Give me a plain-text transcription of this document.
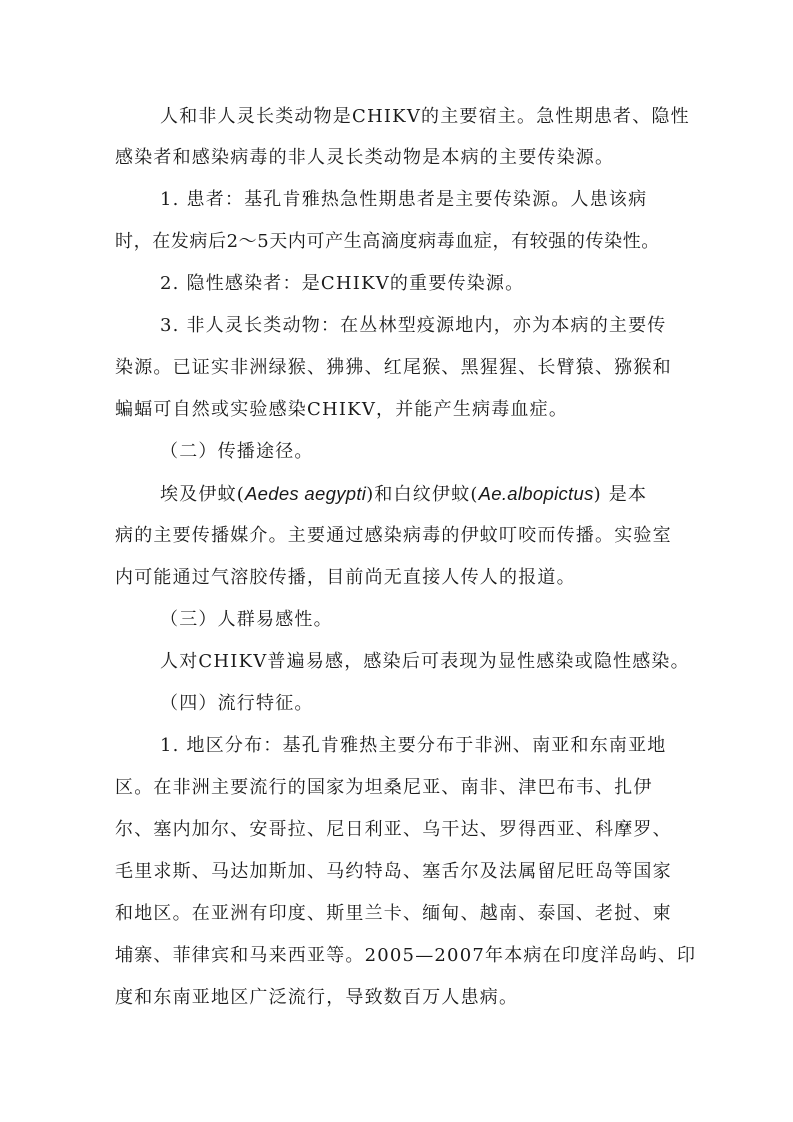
人和非人灵长类动物是CHIKV的主要宿主。急性期患者、隐性
感染者和感染病毒的非人灵长类动物是本病的主要传染源。
1. 患者：基孔肯雅热急性期患者是主要传染源。人患该病
时，在发病后2～5天内可产生高滴度病毒血症，有较强的传染性。
2. 隐性感染者：是CHIKV的重要传染源。
3. 非人灵长类动物：在丛林型疫源地内，亦为本病的主要传
染源。已证实非洲绿猴、狒狒、红尾猴、黑猩猩、长臂猿、猕猴和
蝙蝠可自然或实验感染CHIKV，并能产生病毒血症。
（二）传播途径。
埃及伊蚊(Aedes aegypti)和白纹伊蚊(Ae.albopictus) 是本
病的主要传播媒介。主要通过感染病毒的伊蚊叮咬而传播。实验室
内可能通过气溶胶传播，目前尚无直接人传人的报道。
（三）人群易感性。
人对CHIKV普遍易感，感染后可表现为显性感染或隐性感染。
（四）流行特征。
1. 地区分布：基孔肯雅热主要分布于非洲、南亚和东南亚地
区。在非洲主要流行的国家为坦桑尼亚、南非、津巴布韦、扎伊
尔、塞内加尔、安哥拉、尼日利亚、乌干达、罗得西亚、科摩罗、
毛里求斯、马达加斯加、马约特岛、塞舌尔及法属留尼旺岛等国家
和地区。在亚洲有印度、斯里兰卡、缅甸、越南、泰国、老挝、柬
埔寨、菲律宾和马来西亚等。2005—2007年本病在印度洋岛屿、印
度和东南亚地区广泛流行，导致数百万人患病。
